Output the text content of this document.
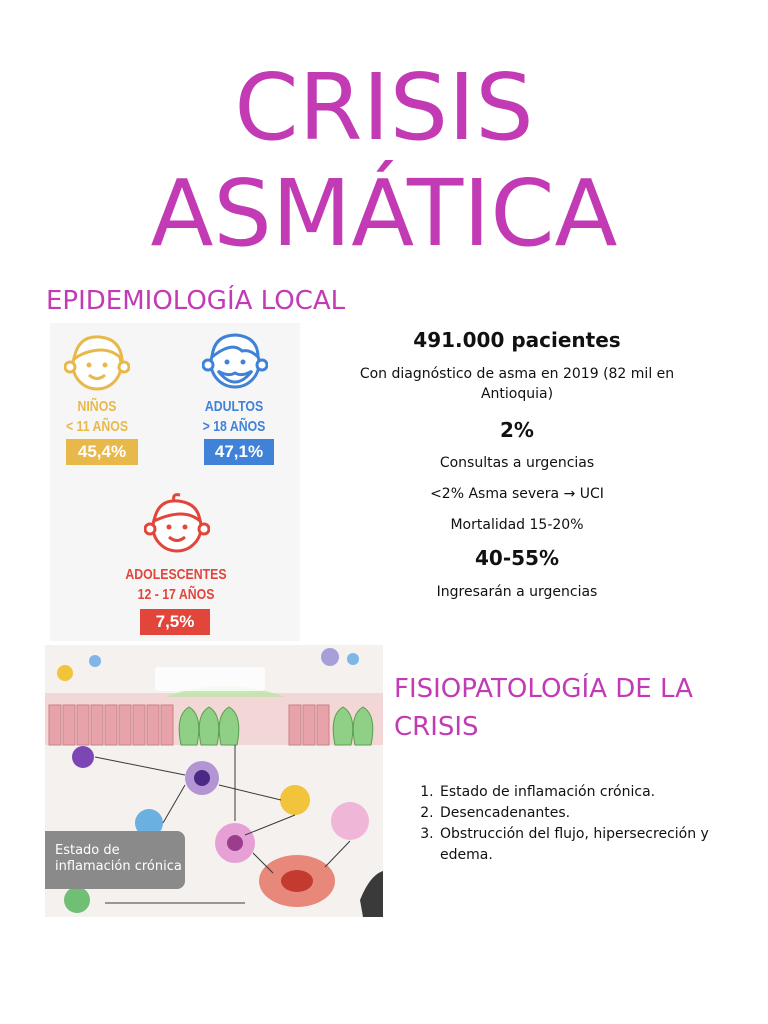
CRISIS
ASMÁTICA
EPIDEMIOLOGÍA LOCAL
NIÑOS
< 11 AÑOS
45,4%
ADULTOS
> 18 AÑOS
47,1%
ADOLESCENTES
12 - 17 AÑOS
7,5%

491.000 pacientes

Con diagnóstico de asma en 2019 (82 mil en Antioquia)

2%

Consultas a urgencias

<2% Asma severa → UCI

Mortalidad 15-20%

40-55%

Ingresarán a urgencias

Estado de inflamación crónica
FISIOPATOLOGÍA DE LA CRISIS
1. Estado de inflamación crónica.
2. Desencadenantes.
3. Obstrucción del flujo, hipersecreción y edema.
